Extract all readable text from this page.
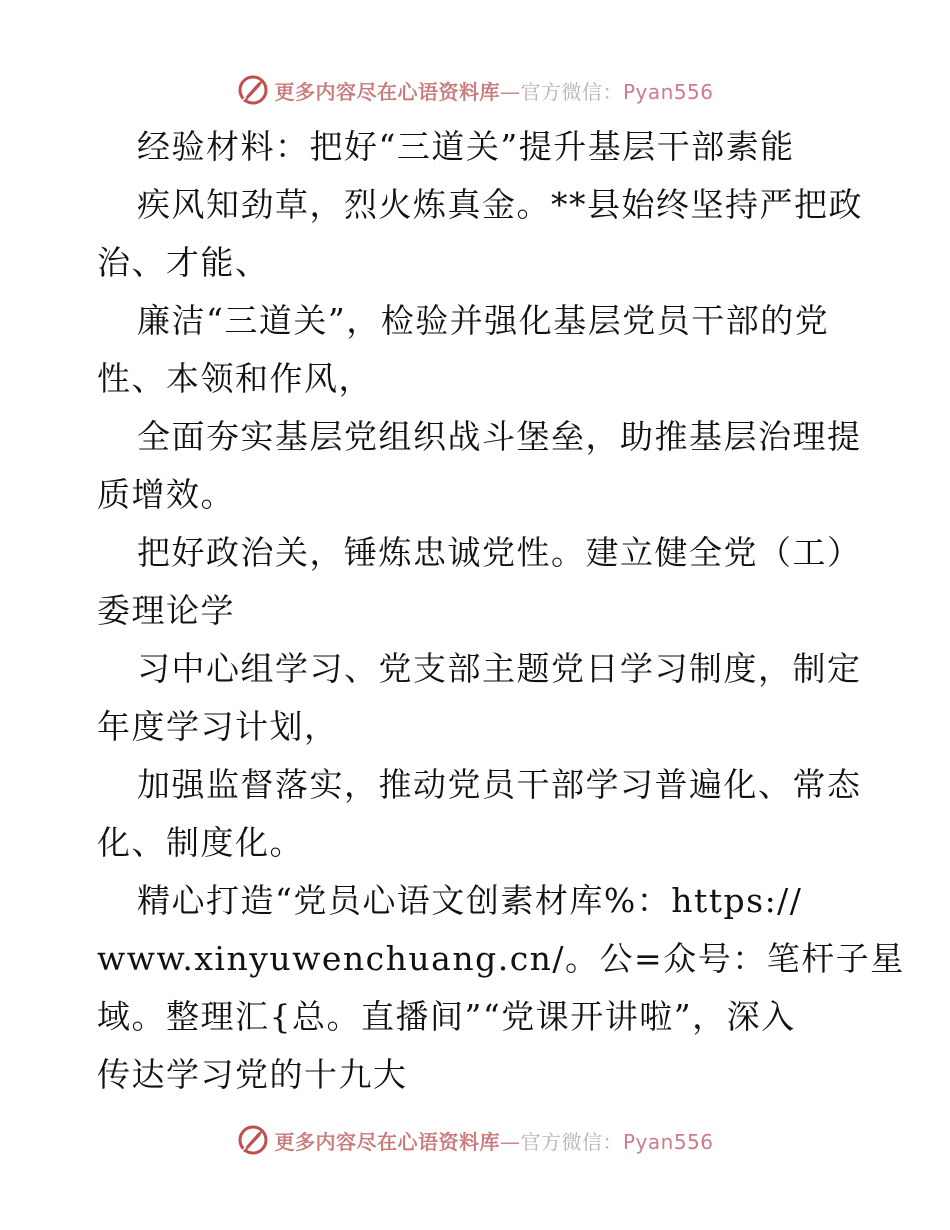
更多内容尽在心语资料库—官方微信：Pyan556
经验材料：把好“三道关”提升基层干部素能
疾风知劲草，烈火炼真金。**县始终坚持严把政
治、才能、
廉洁“三道关”，检验并强化基层党员干部的党
性、本领和作风，
全面夯实基层党组织战斗堡垒，助推基层治理提
质增效。
把好政治关，锤炼忠诚党性。建立健全党（工）
委理论学
习中心组学习、党支部主题党日学习制度，制定
年度学习计划，
加强监督落实，推动党员干部学习普遍化、常态
化、制度化。
精心打造“党员心语文创素材库%：https://
www.xinyuwenchuang.cn/。公=众号：笔杆子星
域。整理汇{总。直播间”“党课开讲啦”，深入
传达学习党的十九大
更多内容尽在心语资料库—官方微信：Pyan556
